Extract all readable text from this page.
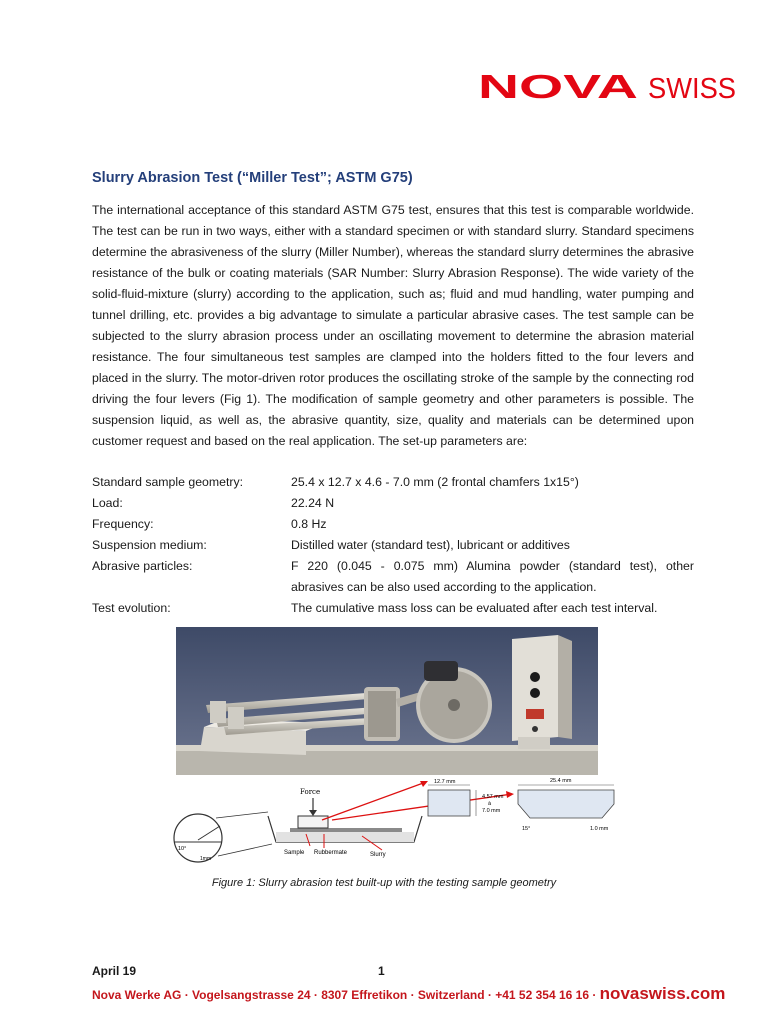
NOVA SWISS
Slurry Abrasion Test (“Miller Test”; ASTM G75)

The international acceptance of this standard ASTM G75 test, ensures that this test is comparable worldwide. The test can be run in two ways, either with a standard specimen or with standard slurry. Standard specimens determine the abrasiveness of the slurry (Miller Number), whereas the standard slurry determines the abrasive resistance of the bulk or coating materials (SAR Number: Slurry Abrasion Response). The wide variety of the solid-fluid-mixture (slurry) according to the application, such as; fluid and mud handling, water pumping and tunnel drilling, etc. provides a big advantage to simulate a particular abrasive cases. The test sample can be subjected to the slurry abrasion process under an oscillating movement to determine the abrasion material resistance. The four simultaneous test samples are clamped into the holders fitted to the four levers and placed in the slurry. The motor-driven rotor produces the oscillating stroke of the sample by the connecting rod driving the four levers (Fig 1). The modification of sample geometry and other parameters is possible. The suspension liquid, as well as, the abrasive quantity, size, quality and materials can be determined upon customer request and based on the real application. The set-up parameters are:

Standard sample geometry:	25.4 x 12.7 x 4.6 - 7.0 mm (2 frontal chamfers 1x15°)
Load:	22.24 N
Frequency:	0.8 Hz
Suspension medium:	Distilled water (standard test), lubricant or additives
Abrasive particles:	F 220 (0.045 - 0.075 mm) Alumina powder (standard test), other abrasives can be also used according to the application.
Test evolution:	The cumulative mass loss can be evaluated after each test interval.
10°
1mm
Force
Sample Rubbermate	Slurry
12.7 mm
4.57 mm
à
7.0 mm
25.4 mm
15°	1.0 mm
Figure 1: Slurry abrasion test built-up with the testing sample geometry
April 19	1
Nova Werke AG · Vogelsangstrasse 24 · 8307 Effretikon · Switzerland · +41 52 354 16 16 · novaswiss.com
